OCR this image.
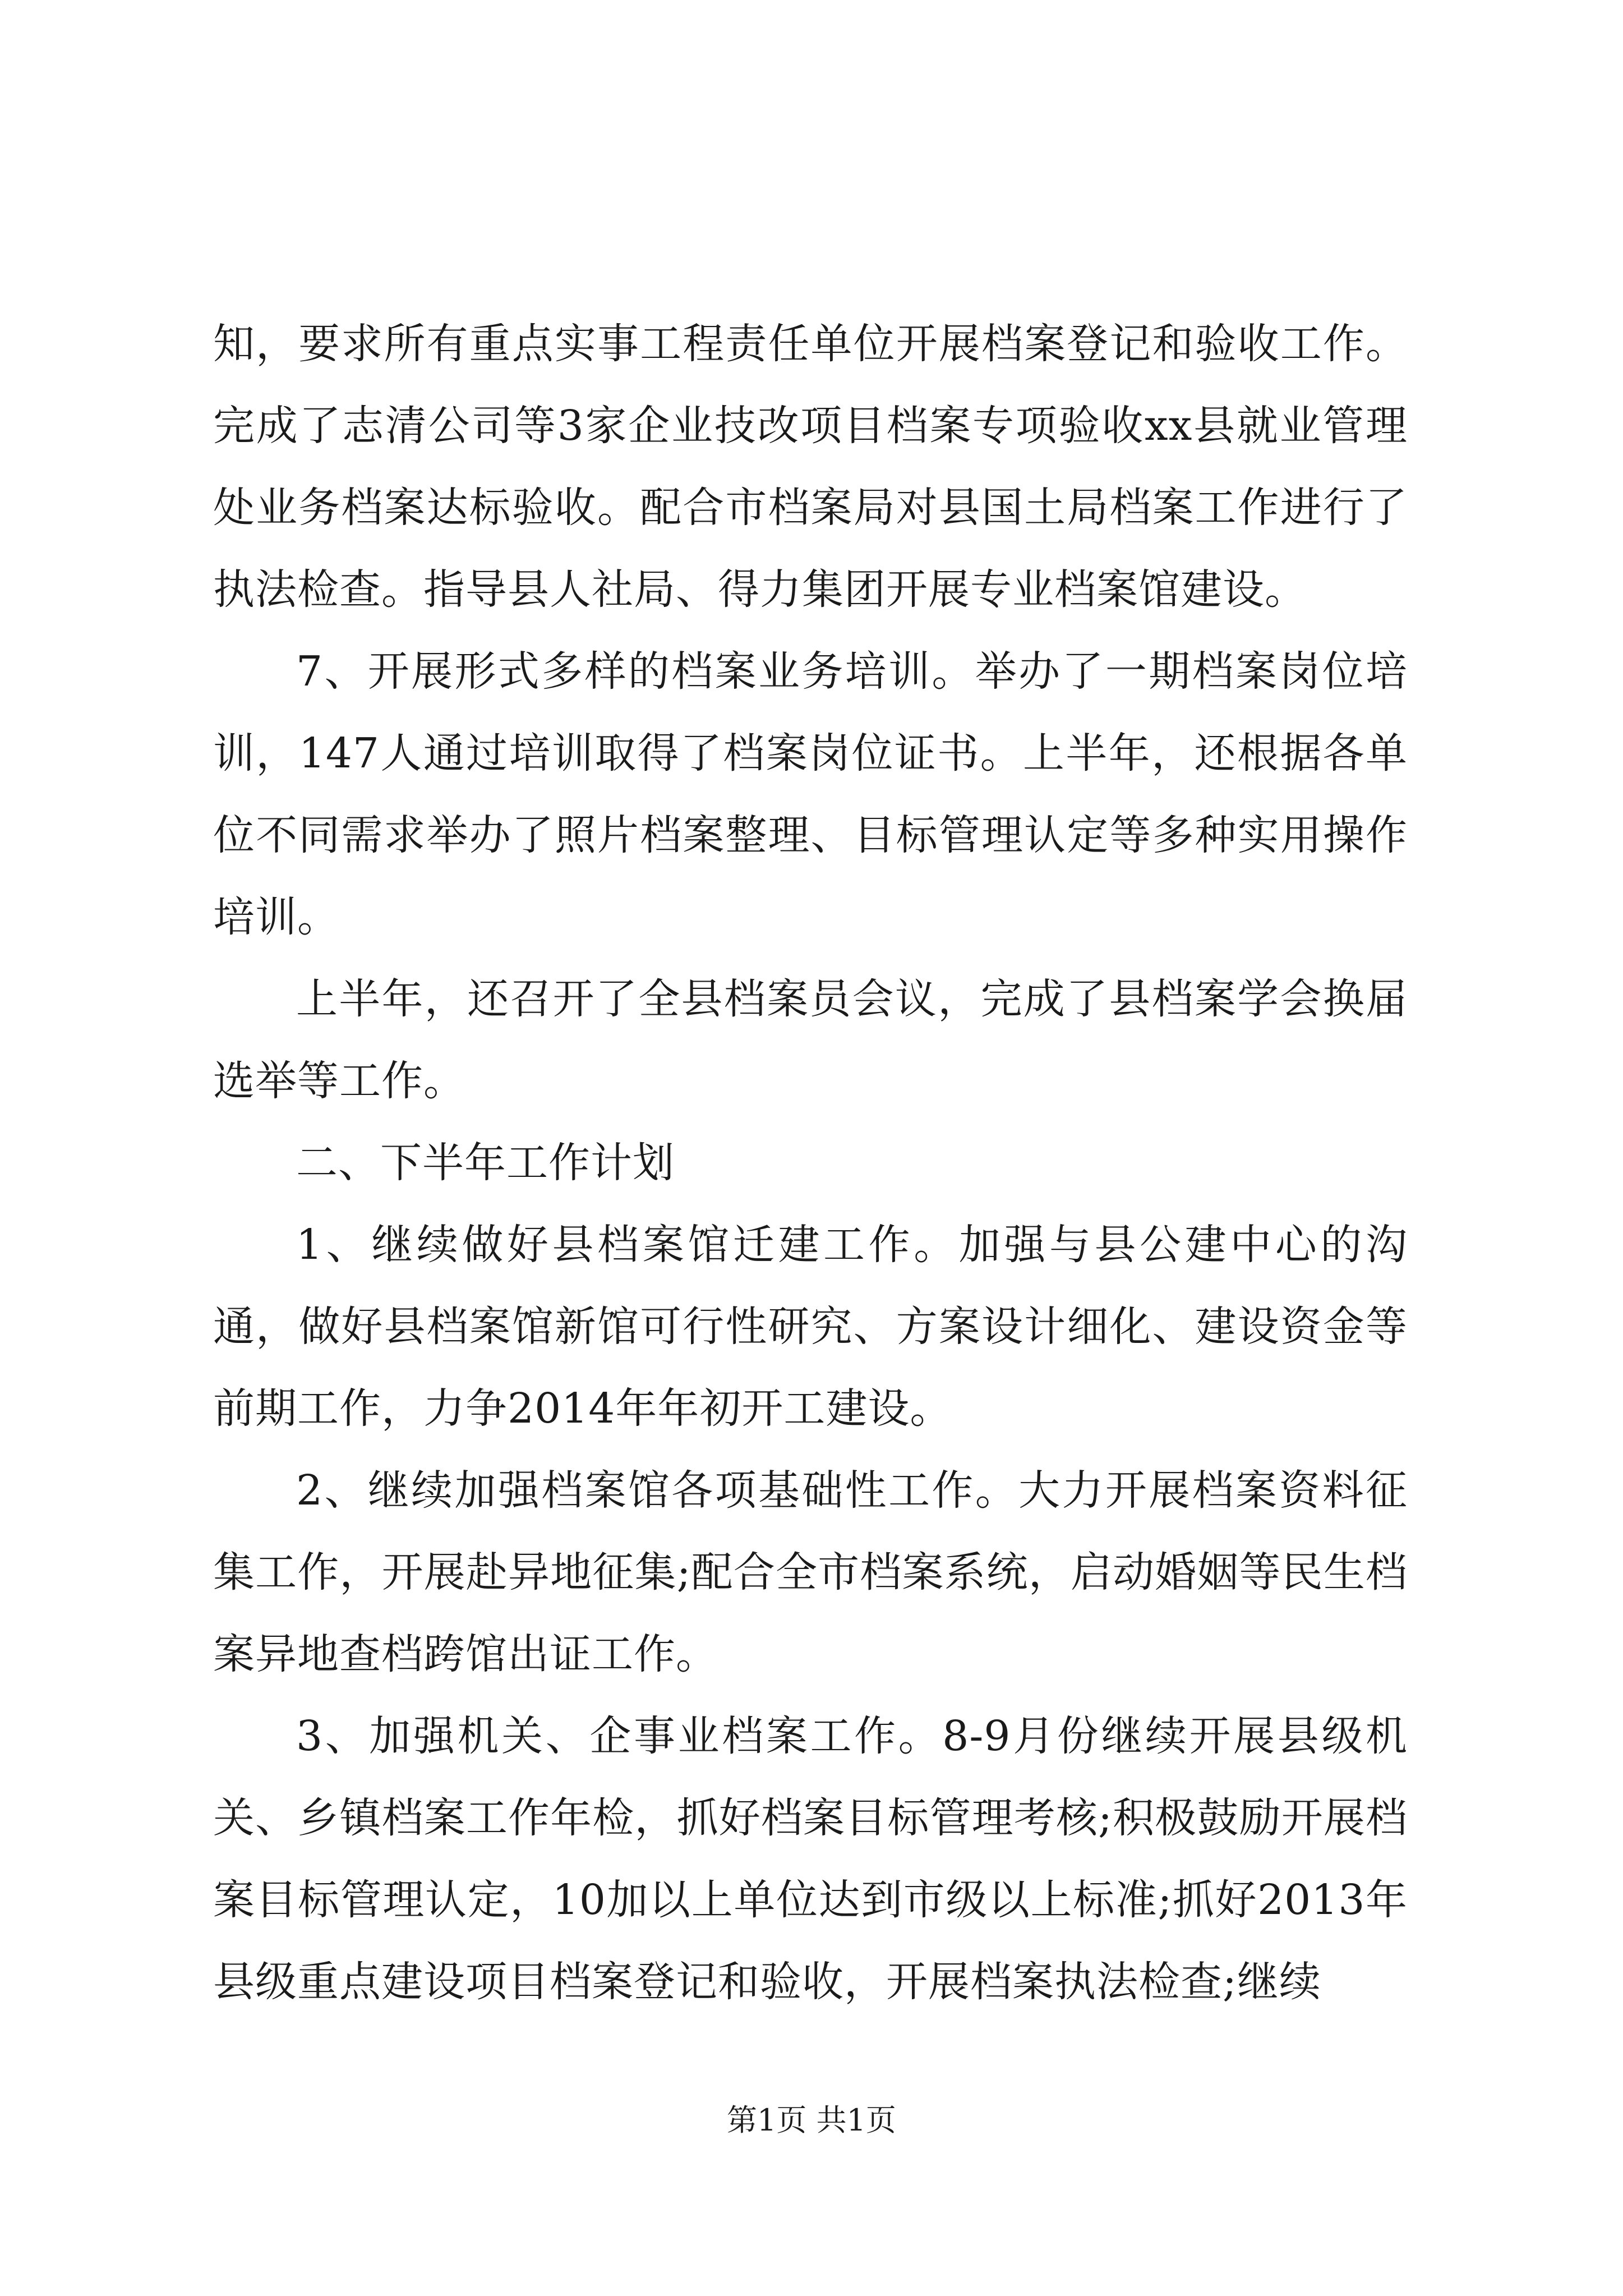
知，要求所有重点实事工程责任单位开展档案登记和验收工作。完成了志清公司等3家企业技改项目档案专项验收xx县就业管理处业务档案达标验收。配合市档案局对县国土局档案工作进行了执法检查。指导县人社局、得力集团开展专业档案馆建设。

7、开展形式多样的档案业务培训。举办了一期档案岗位培训，147人通过培训取得了档案岗位证书。上半年，还根据各单位不同需求举办了照片档案整理、目标管理认定等多种实用操作培训。

上半年，还召开了全县档案员会议，完成了县档案学会换届选举等工作。

二、下半年工作计划

1、继续做好县档案馆迁建工作。加强与县公建中心的沟通，做好县档案馆新馆可行性研究、方案设计细化、建设资金等前期工作，力争2014年年初开工建设。

2、继续加强档案馆各项基础性工作。大力开展档案资料征集工作，开展赴异地征集;配合全市档案系统，启动婚姻等民生档案异地查档跨馆出证工作。

3、加强机关、企事业档案工作。8-9月份继续开展县级机关、乡镇档案工作年检，抓好档案目标管理考核;积极鼓励开展档案目标管理认定，10加以上单位达到市级以上标准;抓好2013年县级重点建设项目档案登记和验收，开展档案执法检查;继续

第1页 共1页
